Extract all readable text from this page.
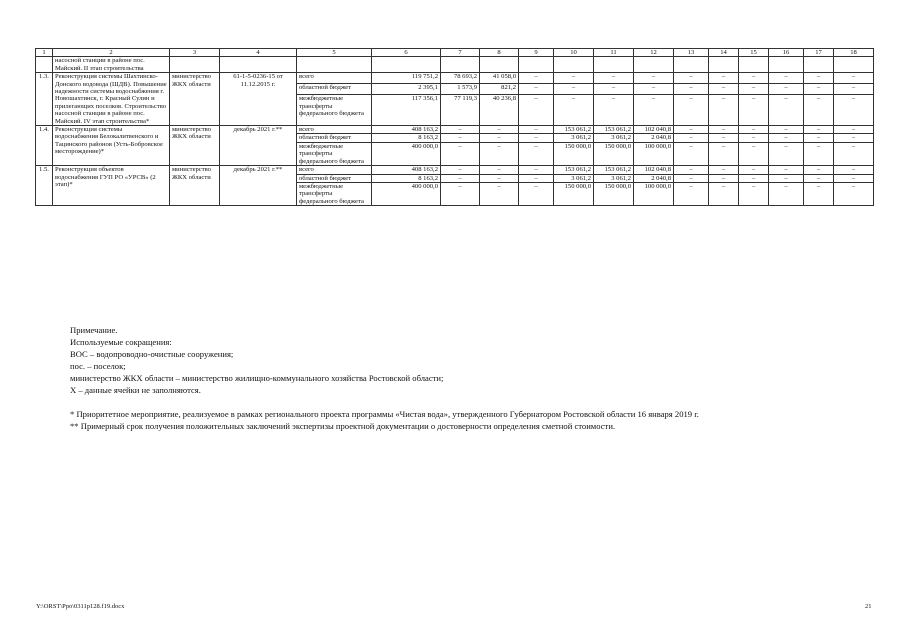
1	2	3	4	5	6	7	8	9	10	11	12	13	14	15	16	17	18
	насосной станции в районе пос. Майский. II этап строительства																
1.3.	Реконструкция системы Шахтинско-Донского водовода (ШДВ). Повышение надежности системы водоснабжения г. Новошахтинск, г. Красный Сулин и прилегающих поселков. Строительство насосной станции в районе пос. Майский. IV этап строительства*	министерство ЖКХ области	61-1-5-0236-15 от 11.12.2015 г.	всего	119 751,2	78 693,2	41 058,0	–	–	–	–	–	–	–	–	–	–
				областной бюджет	2 395,1	1 573,9	821,2	–	–	–	–	–	–	–	–	–	–
				межбюджетные трансферты федерального бюджета	117 356,1	77 119,3	40 236,8	–	–	–	–	–	–	–	–	–	–
1.4.	Реконструкция системы водоснабжения Белокалитвенского и Тацинского районов (Усть-Бобровское месторождение)*	министерство ЖКХ области	декабрь 2021 г.**	всего	408 163,2	–	–	–	153 061,2	153 061,2	102 040,8	–	–	–	–	–	–
				областной бюджет	8 163,2	–	–	–	3 061,2	3 061,2	2 040,8	–	–	–	–	–	–
				межбюджетные трансферты федерального бюджета	400 000,0	–	–	–	150 000,0	150 000,0	100 000,0	–	–	–	–	–	–
1.5.	Реконструкция объектов водоснабжения ГУП РО «УРСВ» (2 этап)*	министерство ЖКХ области	декабрь 2021 г.**	всего	408 163,2	–	–	–	153 061,2	153 061,2	102 040,8	–	–	–	–	–	–
				областной бюджет	8 163,2	–	–	–	3 061,2	3 061,2	2 040,8	–	–	–	–	–	–
				межбюджетные трансферты федерального бюджета	400 000,0	–	–	–	150 000,0	150 000,0	100 000,0	–	–	–	–	–	–

Примечание.

Используемые сокращения:

ВОС – водопроводно-очистные сооружения;

пос. – поселок;

министерство ЖКХ области – министерство жилищно-коммунального хозяйства Ростовской области;

Х – данные ячейки не заполняются.

* Приоритетное мероприятие, реализуемое в рамках регионального проекта программы «Чистая вода», утвержденного Губернатором Ростовской области 16 января 2019 г.

** Примерный срок получения положительных заключений экспертизы проектной документации о достоверности определения сметной стоимости.

Y:\ORST\Ppo\0311p128.f19.docx	21
